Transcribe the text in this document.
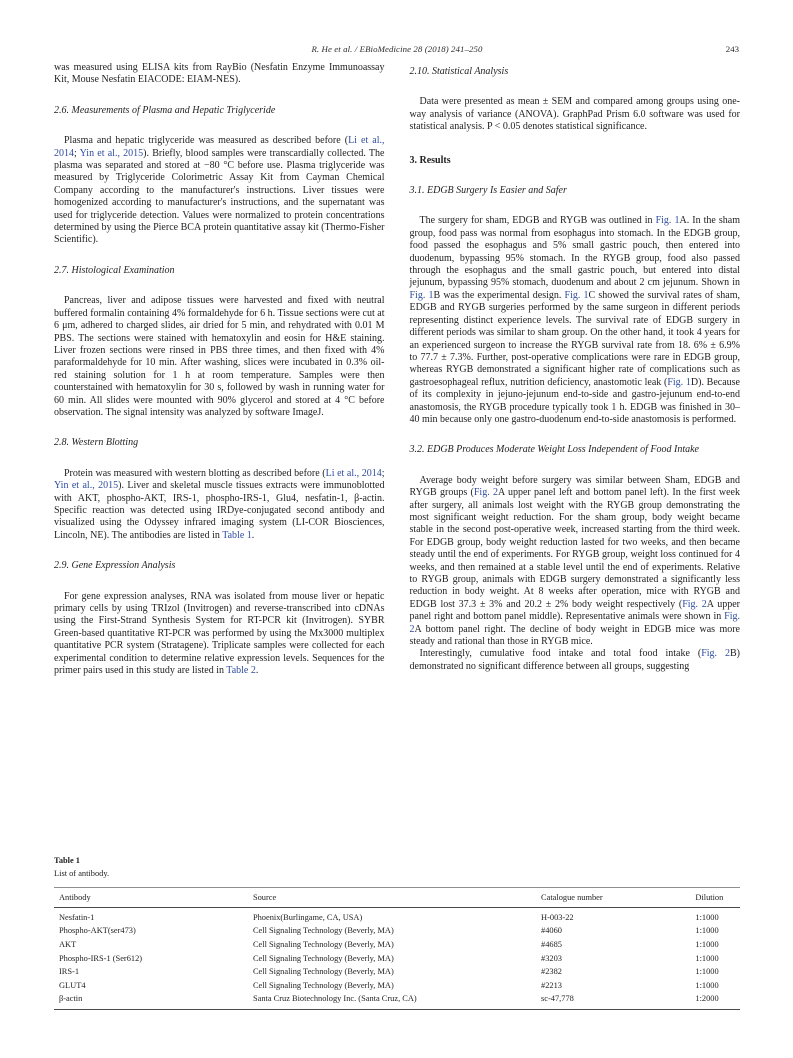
R. He et al. / EBioMedicine 28 (2018) 241–250	243
was measured using ELISA kits from RayBio (Nesfatin Enzyme Immunoassay Kit, Mouse Nesfatin EIACODE: EIAM-NES).
2.6. Measurements of Plasma and Hepatic Triglyceride
Plasma and hepatic triglyceride was measured as described before (Li et al., 2014; Yin et al., 2015). Briefly, blood samples were transcardially collected. The plasma was separated and stored at −80 °C before use. Plasma triglyceride was measured by Triglyceride Colorimetric Assay Kit from Cayman Chemical Company according to the manufacturer's instructions. Liver tissues were homogenized according to manufacturer's instructions, and the supernatant was used for triglyceride detection. Values were normalized to protein concentrations determined by using the Pierce BCA protein quantitative assay kit (Thermo-Fisher Scientific).
2.7. Histological Examination
Pancreas, liver and adipose tissues were harvested and fixed with neutral buffered formalin containing 4% formaldehyde for 6 h. Tissue sections were cut at 6 μm, adhered to charged slides, air dried for 5 min, and rehydrated with 0.01 M PBS. The sections were stained with hematoxylin and eosin for H&E staining. Liver frozen sections were rinsed in PBS three times, and then fixed with 4% paraformaldehyde for 10 min. After washing, slices were incubated in 0.3% oil-red staining solution for 1 h at room temperature. Samples were then counterstained with hematoxylin for 30 s, followed by wash in running water for 60 min. All slides were mounted with 90% glycerol and stored at 4 °C before observation. The signal intensity was analyzed by software ImageJ.
2.8. Western Blotting
Protein was measured with western blotting as described before (Li et al., 2014; Yin et al., 2015). Liver and skeletal muscle tissues extracts were immunoblotted with AKT, phospho-AKT, IRS-1, phospho-IRS-1, Glu4, nesfatin-1, β-actin. Specific reaction was detected using IRDye-conjugated second antibody and visualized using the Odyssey infrared imaging system (LI-COR Biosciences, Lincoln, NE). The antibodies are listed in Table 1.
2.9. Gene Expression Analysis
For gene expression analyses, RNA was isolated from mouse liver or hepatic primary cells by using TRIzol (Invitrogen) and reverse-transcribed into cDNAs using the First-Strand Synthesis System for RT-PCR kit (Invitrogen). SYBR Green-based quantitative RT-PCR was performed by using the Mx3000 multiplex quantitative PCR system (Stratagene). Triplicate samples were collected for each experimental condition to determine relative expression levels. Sequences for the primer pairs used in this study are listed in Table 2.
2.10. Statistical Analysis
Data were presented as mean ± SEM and compared among groups using one-way analysis of variance (ANOVA). GraphPad Prism 6.0 software was used for statistical analysis. P < 0.05 denotes statistical significance.
3. Results
3.1. EDGB Surgery Is Easier and Safer
The surgery for sham, EDGB and RYGB was outlined in Fig. 1A. In the sham group, food pass was normal from esophagus into stomach. In the EDGB group, food passed the esophagus and 5% small gastric pouch, then entered into duodenum, bypassing 95% stomach. In the RYGB group, food also passed through the esophagus and the small gastric pouch, but entered into distal jejunum, bypassing 95% stomach, duodenum and about 2 cm jejunum. Shown in Fig. 1B was the experimental design. Fig. 1C showed the survival rates of sham, EDGB and RYGB surgeries performed by the same surgeon in different periods representing distinct experience levels. The survival rate of EDGB surgery in different periods was similar to sham group. On the other hand, it took 4 years for an experienced surgeon to increase the RYGB survival rate from 18. 6% ± 6.9% to 77.7 ± 7.3%. Further, post-operative complications were rare in EDGB group, whereas RYGB demonstrated a significant higher rate of complications such as gastroesophageal reflux, nutrition deficiency, anastomotic leak (Fig. 1D). Because of its complexity in jejuno-jejunum end-to-side and gastro-jejunum end-to-end anastomosis, the RYGB procedure typically took 1 h. EDGB was finished in 30–40 min because only one gastro-duodenum end-to-side anastomosis is performed.
3.2. EDGB Produces Moderate Weight Loss Independent of Food Intake
Average body weight before surgery was similar between Sham, EDGB and RYGB groups (Fig. 2A upper panel left and bottom panel left). In the first week after surgery, all animals lost weight with the RYGB group demonstrating the most significant weight reduction. For the sham group, body weight became stable in the second post-operative week, increased starting from the third week. For EDGB group, body weight reduction lasted for two weeks, and then became steady until the end of experiments. For RYGB group, weight loss continued for 4 weeks, and then remained at a stable level until the end of experiments. Relative to RYGB group, animals with EDGB surgery demonstrated a significantly less reduction in body weight. At 8 weeks after operation, mice with RYGB and EDGB lost 37.3 ± 3% and 20.2 ± 2% body weight respectively (Fig. 2A upper panel right and bottom panel middle). Representative animals were shown in Fig. 2A bottom panel right. The decline of body weight in EDGB mice was more steady and rational than those in RYGB mice.
Interestingly, cumulative food intake and total food intake (Fig. 2B) demonstrated no significant difference between all groups, suggesting
Table 1
List of antibody.
Antibody	Source	Catalogue number	Dilution
Nesfatin-1	Phoenix(Burlingame, CA, USA)	H-003-22	1:1000
Phospho-AKT(ser473)	Cell Signaling Technology (Beverly, MA)	#4060	1:1000
AKT	Cell Signaling Technology (Beverly, MA)	#4685	1:1000
Phospho-IRS-1 (Ser612)	Cell Signaling Technology (Beverly, MA)	#3203	1:1000
IRS-1	Cell Signaling Technology (Beverly, MA)	#2382	1:1000
GLUT4	Cell Signaling Technology (Beverly, MA)	#2213	1:1000
β-actin	Santa Cruz Biotechnology Inc. (Santa Cruz, CA)	sc-47,778	1:2000
